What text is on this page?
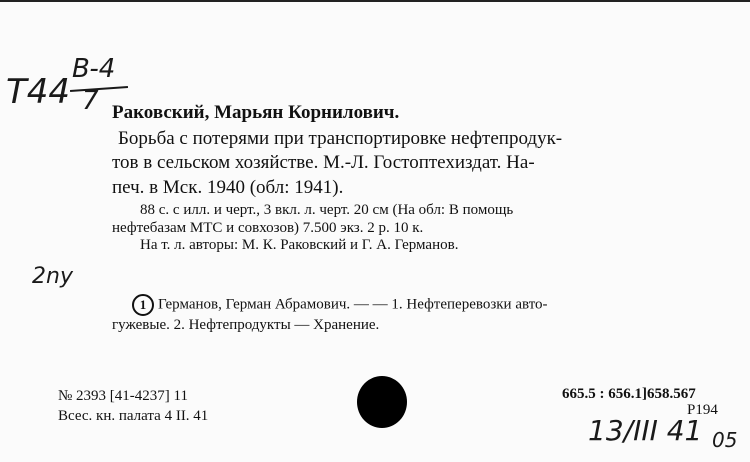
T44
B-4
7
2ny
Раковский, Марьян Корнилович.
Борьба с потерями при транспортировке нефтепродук-
тов в сельском хозяйстве. М.-Л. Гостоптехиздат. На-
печ. в Мск. 1940 (обл: 1941).
88 с. с илл. и черт., 3 вкл. л. черт. 20 см (На обл: В помощь
нефтебазам МТС и совхозов) 7.500 экз. 2 р. 10 к.
На т. л. авторы: М. К. Раковский и Г. А. Германов.
1 Германов, Герман Абрамович. — — 1. Нефтеперевозки авто-
гужевые. 2. Нефтепродукты — Хранение.
№ 2393 [41-4237] 11
Всес. кн. палата 4 II. 41
665.5 : 656.1]658.567
P194
13/III 41 05
